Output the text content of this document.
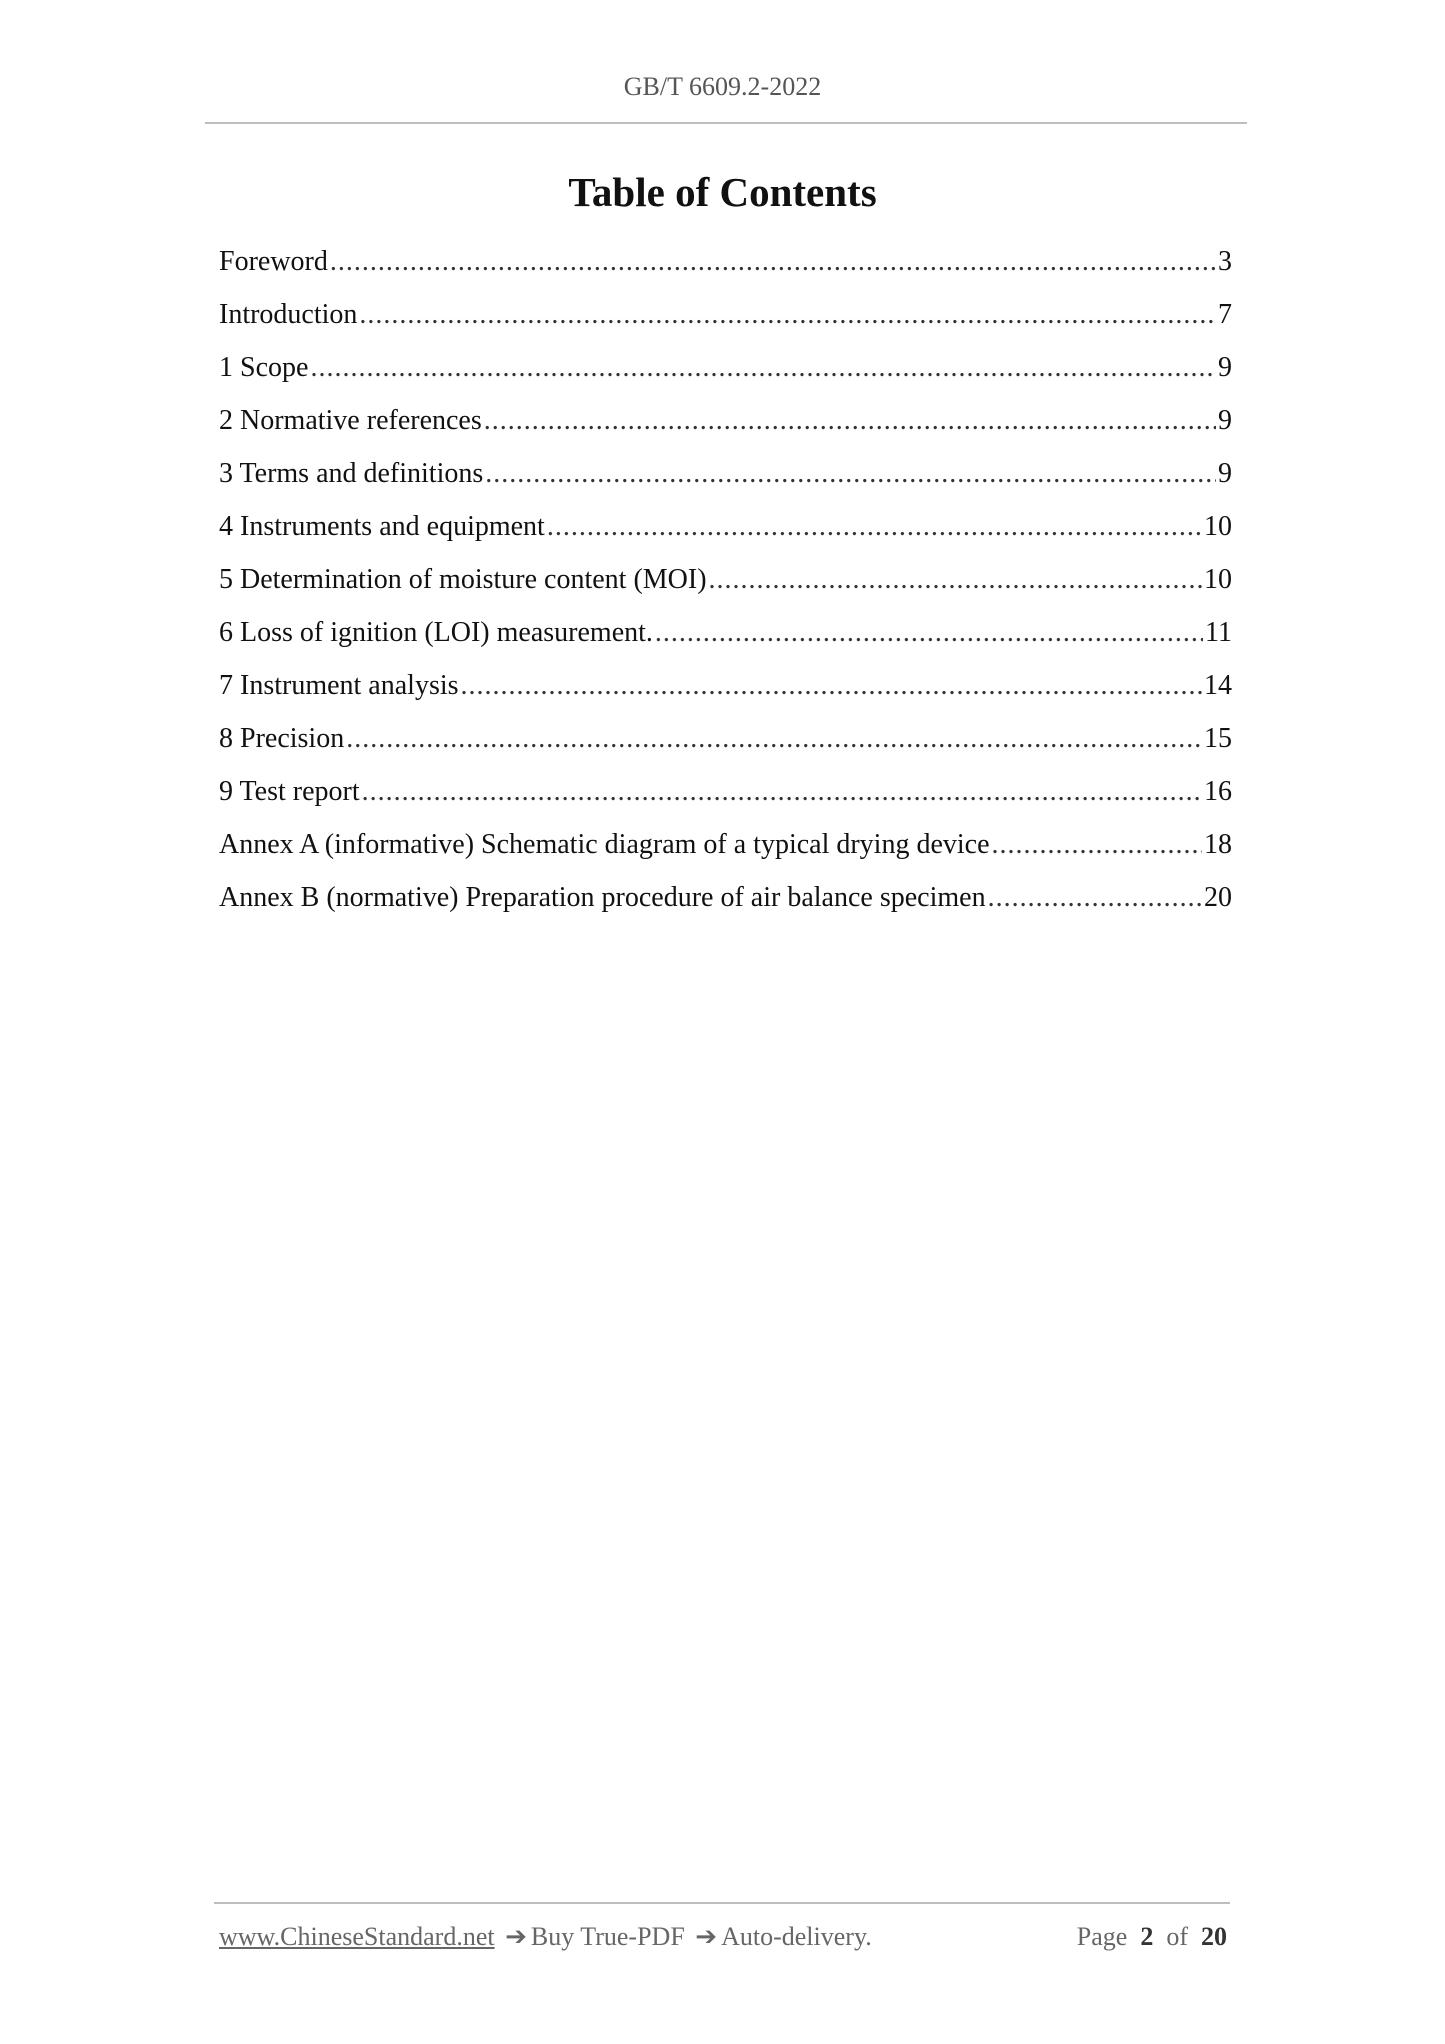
GB/T 6609.2-2022
Table of Contents
Foreword .....	3
Introduction .....	7
1 Scope .....	9
2 Normative references .....	9
3 Terms and definitions .....	9
4 Instruments and equipment .....	10
5 Determination of moisture content (MOI) .....	10
6 Loss of ignition (LOI) measurement. .....	11
7 Instrument analysis .....	14
8 Precision .....	15
9 Test report .....	16
Annex A (informative) Schematic diagram of a typical drying device .....	18
Annex B (normative) Preparation procedure of air balance specimen .....	20
www.ChineseStandard.net ➔ Buy True-PDF ➔ Auto-delivery.	Page 2 of 20
